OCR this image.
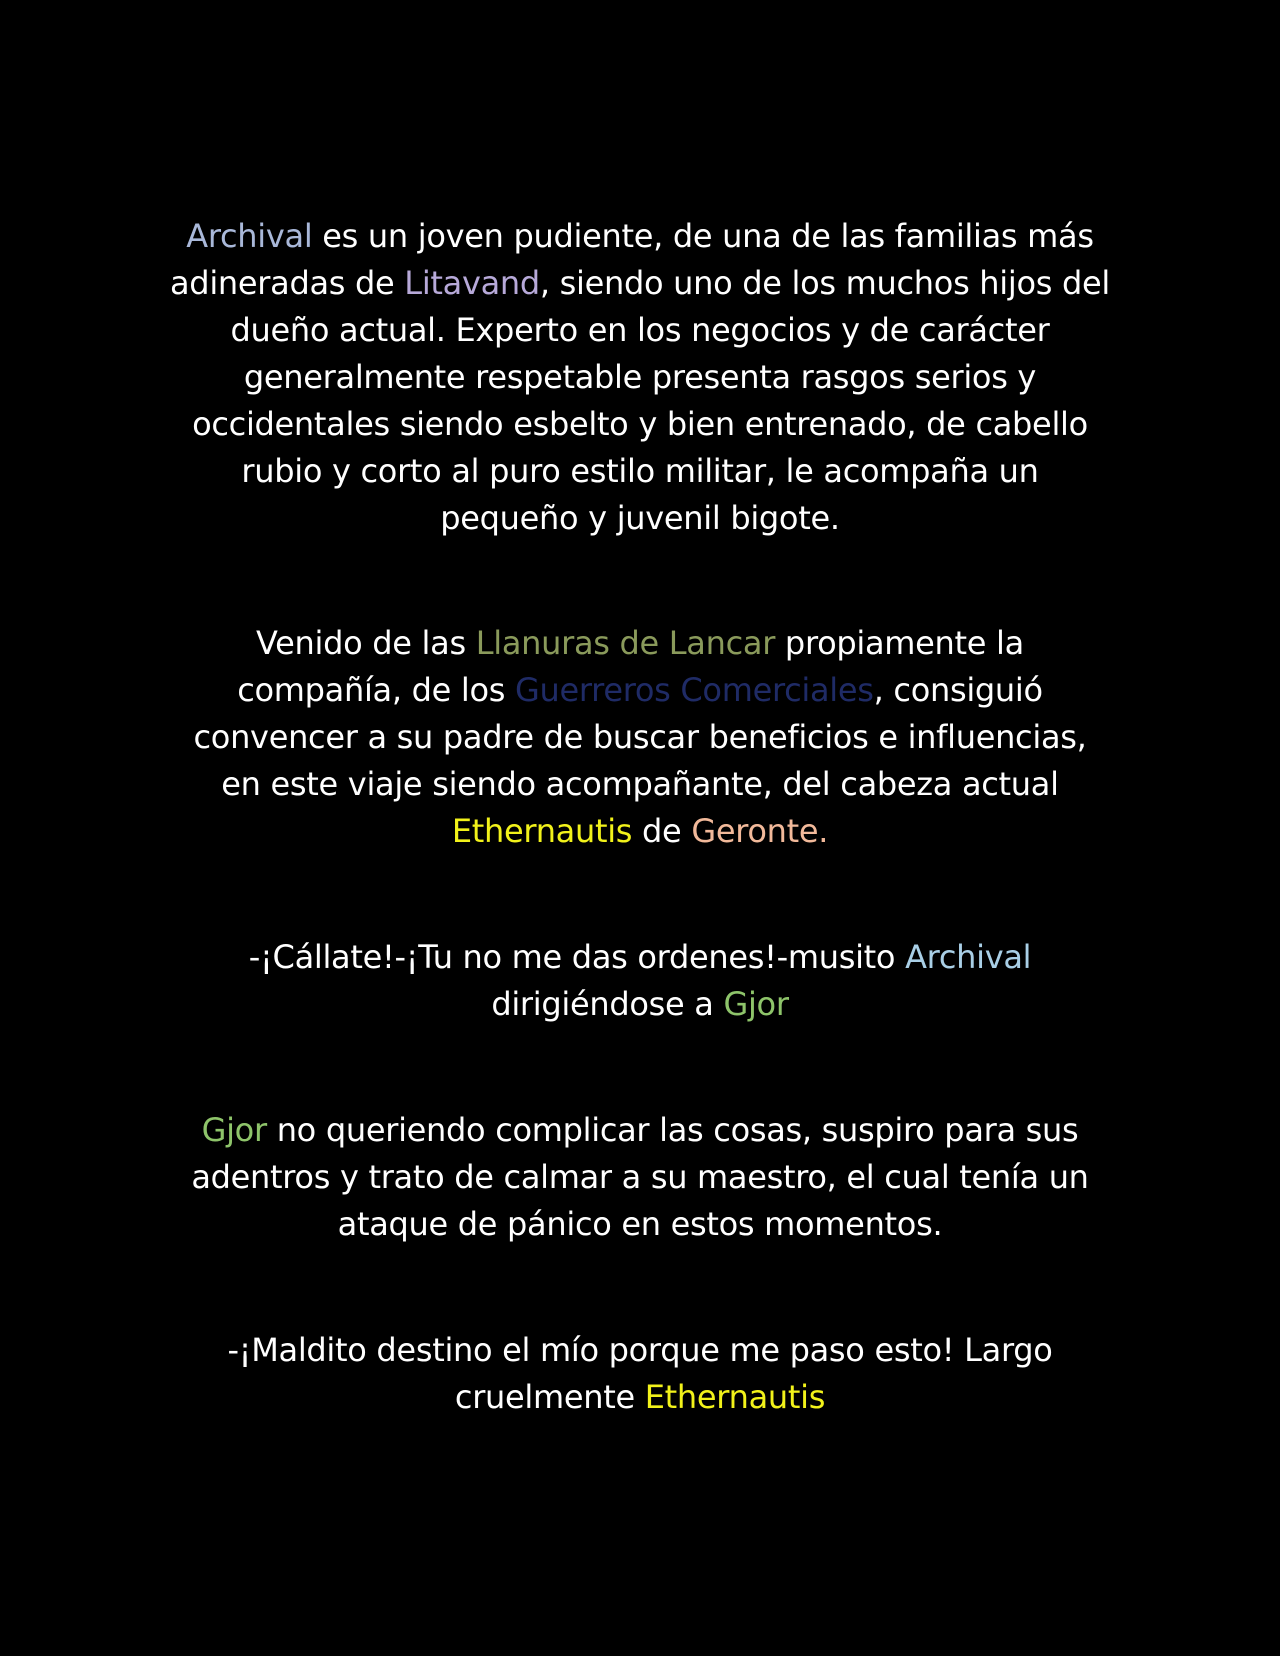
Archival es un joven pudiente, de una de las familias más adineradas de Litavand, siendo uno de los muchos hijos del dueño actual. Experto en los negocios y de carácter generalmente respetable presenta rasgos serios y occidentales siendo esbelto y bien entrenado, de cabello rubio y corto al puro estilo militar, le acompaña un pequeño y juvenil bigote.

Venido de las Llanuras de Lancar propiamente la compañía, de los Guerreros Comerciales, consiguió convencer a su padre de buscar beneficios e influencias, en este viaje siendo acompañante, del cabeza actual Ethernautis de Geronte.

-¡Cállate!-¡Tu no me das ordenes!-musito Archival dirigiéndose a Gjor

Gjor no queriendo complicar las cosas, suspiro para sus adentros y trato de calmar a su maestro, el cual tenía un ataque de pánico en estos momentos.

-¡Maldito destino el mío porque me paso esto! Largo cruelmente Ethernautis
